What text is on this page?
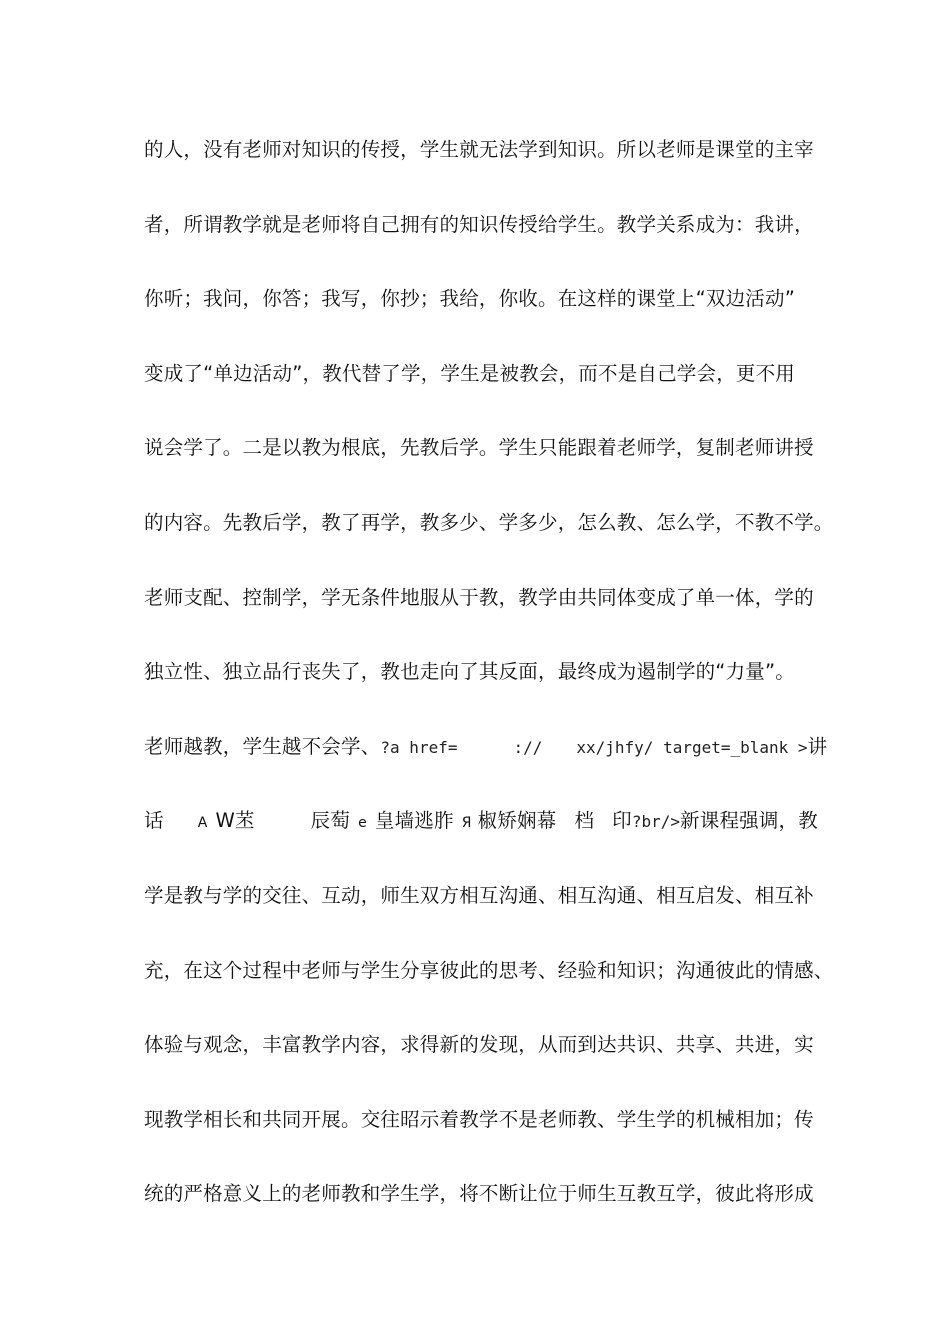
的人，没有老师对知识的传授，学生就无法学到知识。所以老师是课堂的主宰
者，所谓教学就是老师将自己拥有的知识传授给学生。教学关系成为：我讲，
你听；我问，你答；我写，你抄；我给，你收。在这样的课堂上“双边活动”
变成了“单边活动”，教代替了学，学生是被教会，而不是自己学会，更不用
说会学了。二是以教为根底，先教后学。学生只能跟着老师学，复制老师讲授
的内容。先教后学，教了再学，教多少、学多少，怎么教、怎么学，不教不学。
老师支配、控制学，学无条件地服从于教，教学由共同体变成了单一体，学的
独立性、独立品行丧失了，教也走向了其反面，最终成为遏制学的“力量”。
老师越教，学生越不会学、?a href=	:// xx/jhfy/ target=_blank >讲
话 A W苤	辰萄 e 皇墙逃胙 Я 椒矫娴幕 档 印?br/>新课程强调，教
学是教与学的交往、互动，师生双方相互沟通、相互沟通、相互启发、相互补
充，在这个过程中老师与学生分享彼此的思考、经验和知识；沟通彼此的情感、
体验与观念，丰富教学内容，求得新的发现，从而到达共识、共享、共进，实
现教学相长和共同开展。交往昭示着教学不是老师教、学生学的机械相加；传
统的严格意义上的老师教和学生学，将不断让位于师生互教互学，彼此将形成
